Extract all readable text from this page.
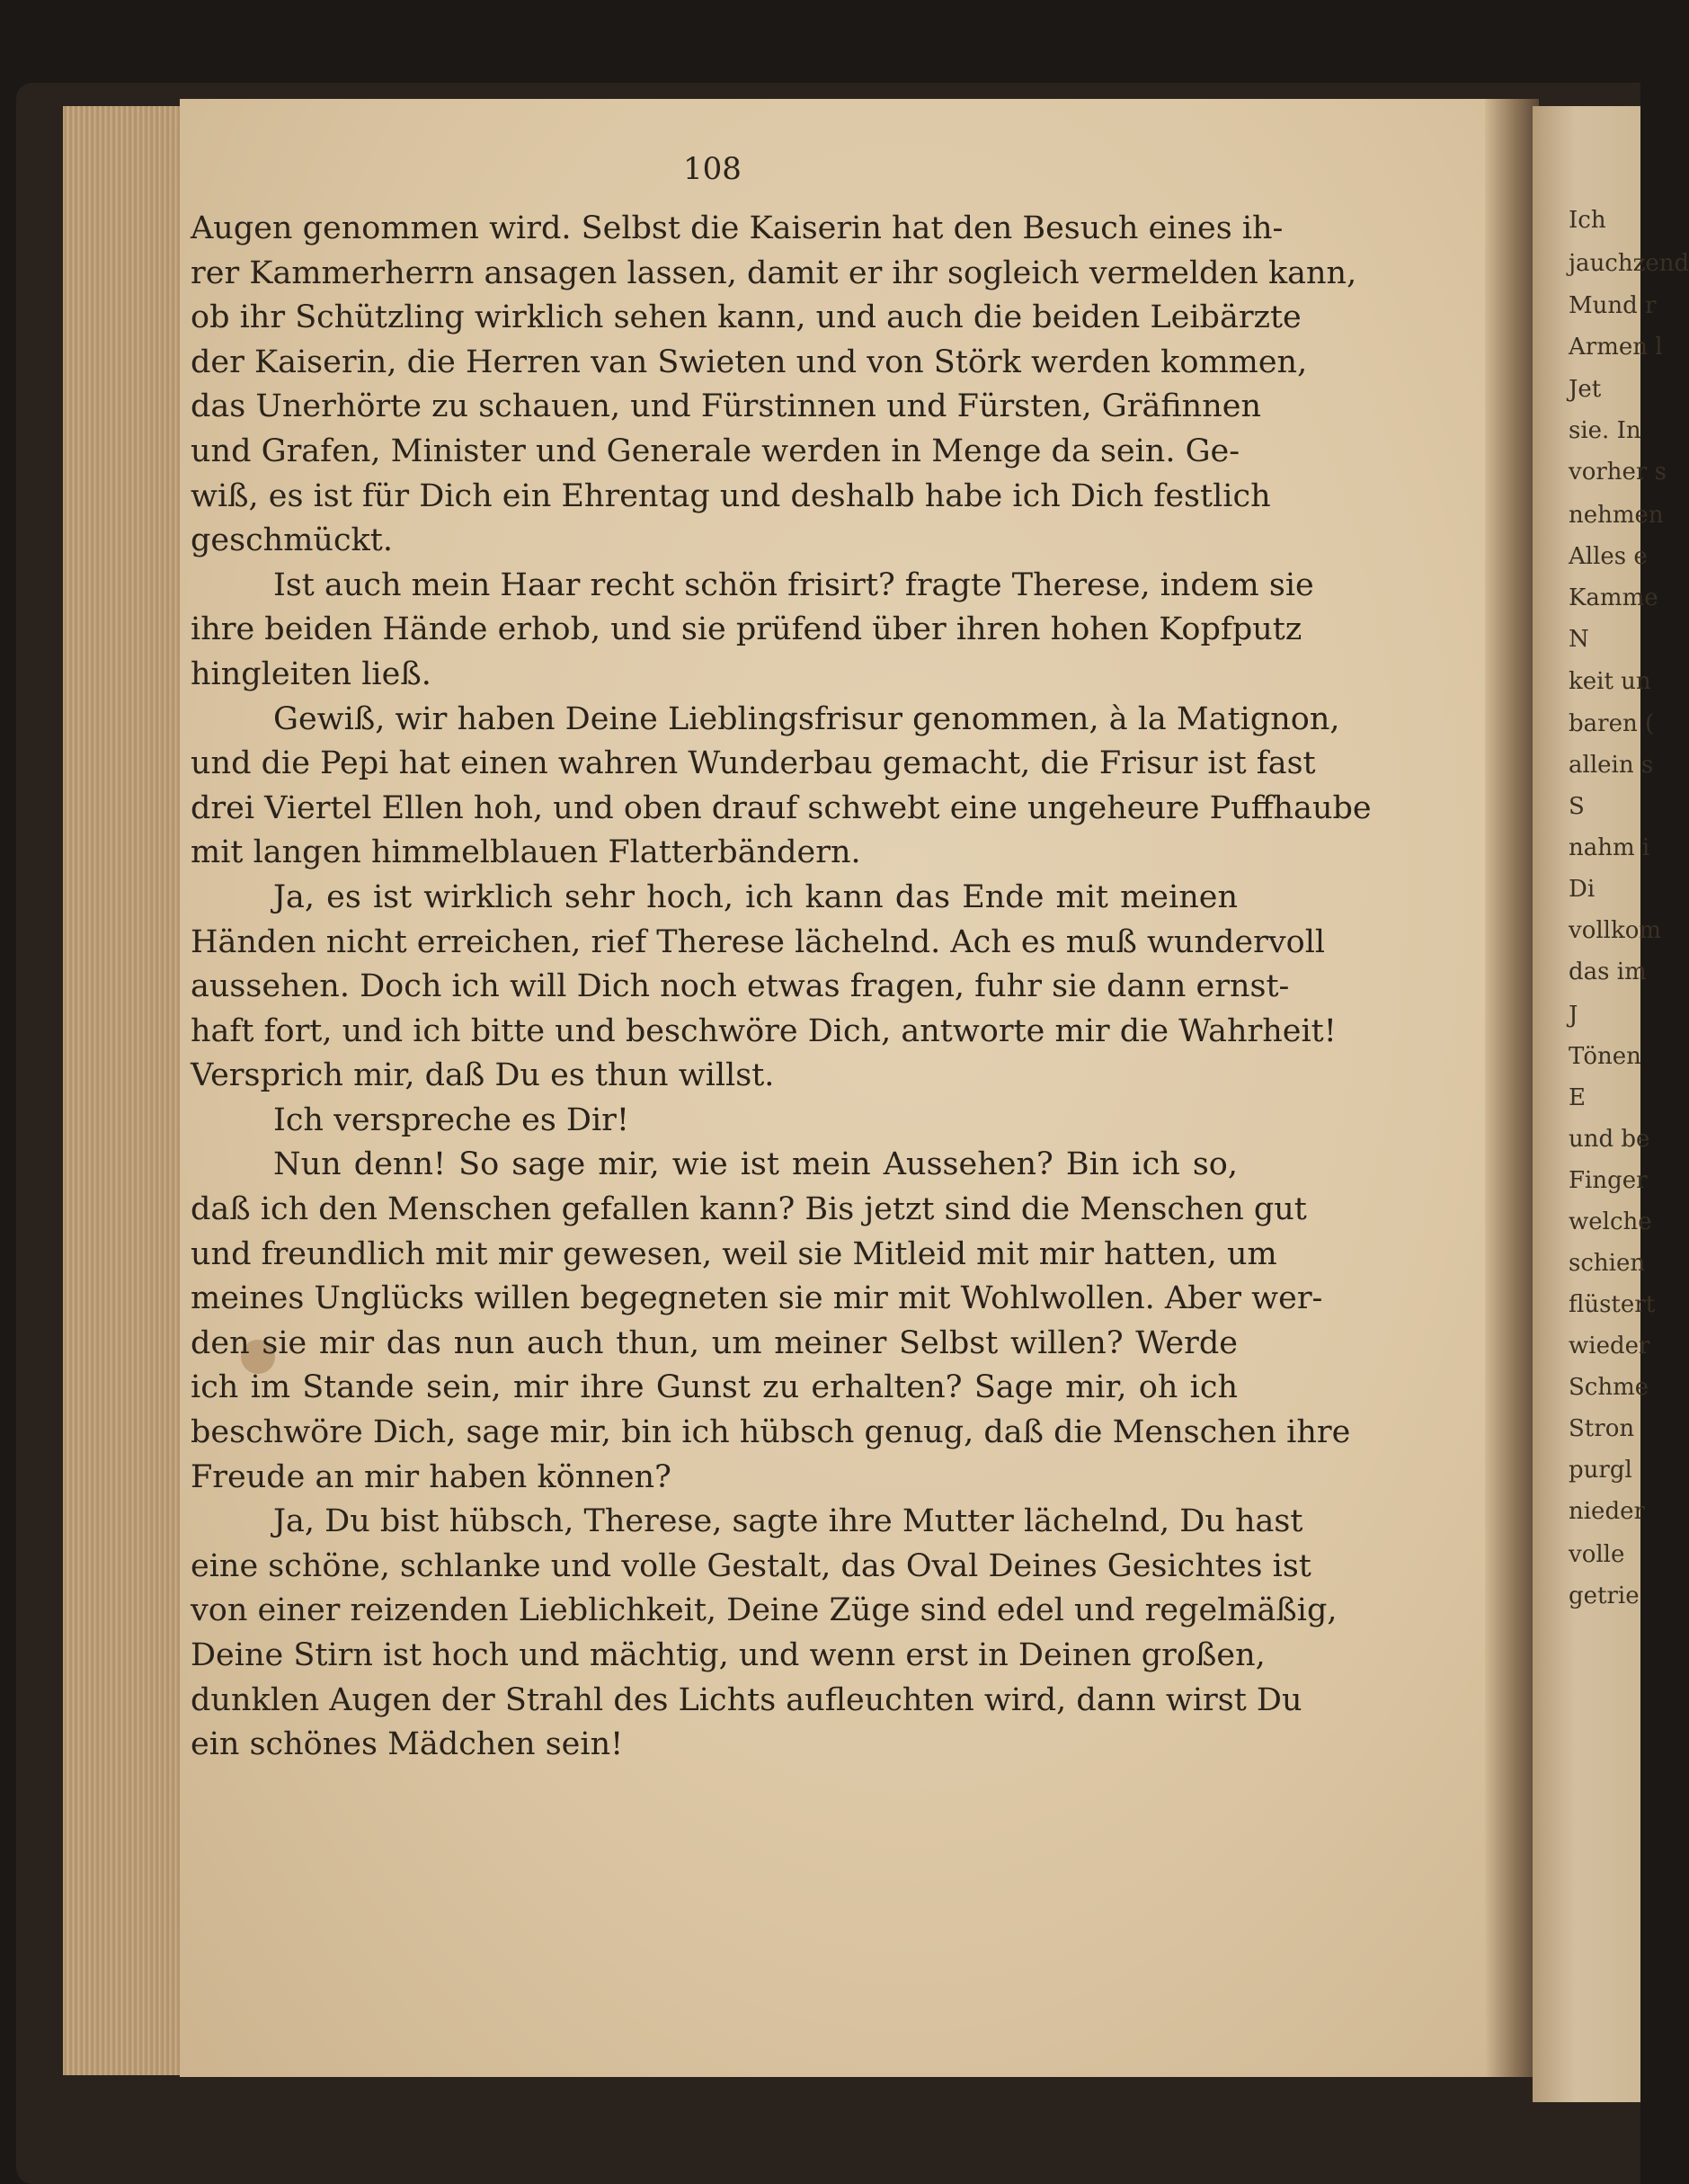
Ich
jauchzend
Mund r
Armen l
Jet
sie. In
vorher s
nehmen
Alles e
Kamme
N
keit un
baren (
allein s
S
nahm i
Di
vollkom
das im
J
Tönen
E
und be
Finger
welche
schien
flüstert
wieder
Schme
Stron
purgl
nieder
volle
getrie
108
Augen genommen wird. Selbst die Kaiserin hat den Besuch eines ih-
rer Kammerherrn ansagen lassen, damit er ihr sogleich vermelden kann,
ob ihr Schützling wirklich sehen kann, und auch die beiden Leibärzte
der Kaiserin, die Herren van Swieten und von Störk werden kommen,
das Unerhörte zu schauen, und Fürstinnen und Fürsten, Gräfinnen
und Grafen, Minister und Generale werden in Menge da sein. Ge-
wiß, es ist für Dich ein Ehrentag und deshalb habe ich Dich festlich
geschmückt.
Ist auch mein Haar recht schön frisirt? fragte Therese, indem sie
ihre beiden Hände erhob, und sie prüfend über ihren hohen Kopfputz
hingleiten ließ.
Gewiß, wir haben Deine Lieblingsfrisur genommen, à la Matignon,
und die Pepi hat einen wahren Wunderbau gemacht, die Frisur ist fast
drei Viertel Ellen hoh, und oben drauf schwebt eine ungeheure Puffhaube
mit langen himmelblauen Flatterbändern.
Ja, es ist wirklich sehr hoch, ich kann das Ende mit meinen
Händen nicht erreichen, rief Therese lächelnd. Ach es muß wundervoll
aussehen. Doch ich will Dich noch etwas fragen, fuhr sie dann ernst-
haft fort, und ich bitte und beschwöre Dich, antworte mir die Wahrheit!
Versprich mir, daß Du es thun willst.
Ich verspreche es Dir!
Nun denn! So sage mir, wie ist mein Aussehen? Bin ich so,
daß ich den Menschen gefallen kann? Bis jetzt sind die Menschen gut
und freundlich mit mir gewesen, weil sie Mitleid mit mir hatten, um
meines Unglücks willen begegneten sie mir mit Wohlwollen. Aber wer-
den sie mir das nun auch thun, um meiner Selbst willen? Werde
ich im Stande sein, mir ihre Gunst zu erhalten? Sage mir, oh ich
beschwöre Dich, sage mir, bin ich hübsch genug, daß die Menschen ihre
Freude an mir haben können?
Ja, Du bist hübsch, Therese, sagte ihre Mutter lächelnd, Du hast
eine schöne, schlanke und volle Gestalt, das Oval Deines Gesichtes ist
von einer reizenden Lieblichkeit, Deine Züge sind edel und regelmäßig,
Deine Stirn ist hoch und mächtig, und wenn erst in Deinen großen,
dunklen Augen der Strahl des Lichts aufleuchten wird, dann wirst Du
ein schönes Mädchen sein!
